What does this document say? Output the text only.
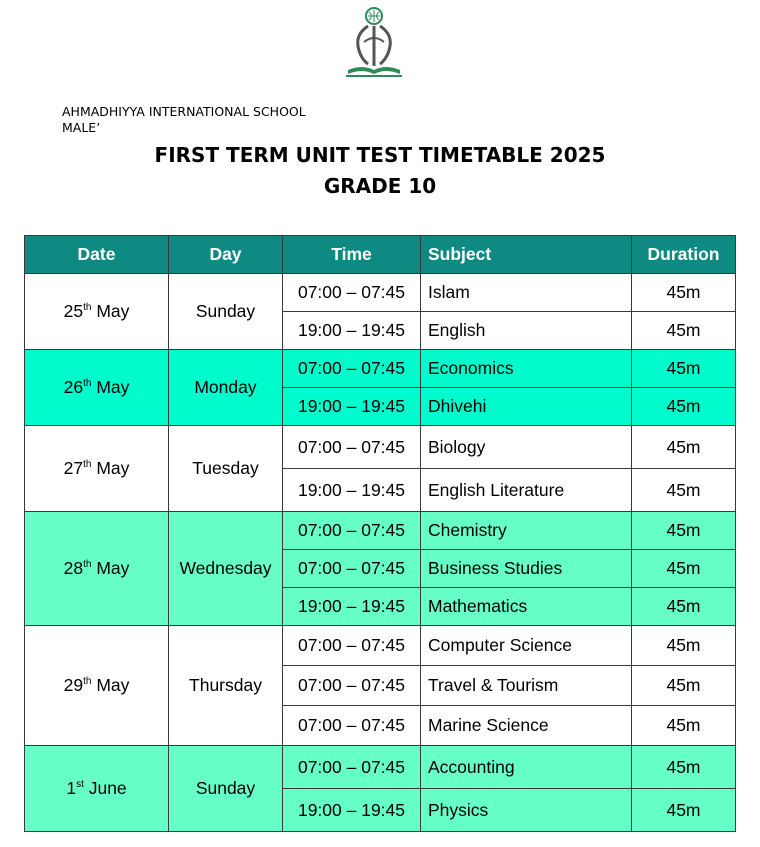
AHMADHIYYA INTERNATIONAL SCHOOL
MALE’
FIRST TERM UNIT TEST TIMETABLE 2025
GRADE 10
Date	Day	Time	Subject	Duration
25th May	Sunday	07:00 – 07:45	Islam	45m
		19:00 – 19:45	English	45m
26th May	Monday	07:00 – 07:45	Economics	45m
		19:00 – 19:45	Dhivehi	45m
27th May	Tuesday	07:00 – 07:45	Biology	45m
		19:00 – 19:45	English Literature	45m
28th May	Wednesday	07:00 – 07:45	Chemistry	45m
		07:00 – 07:45	Business Studies	45m
		19:00 – 19:45	Mathematics	45m
29th May	Thursday	07:00 – 07:45	Computer Science	45m
		07:00 – 07:45	Travel & Tourism	45m
		07:00 – 07:45	Marine Science	45m
1st June	Sunday	07:00 – 07:45	Accounting	45m
		19:00 – 19:45	Physics	45m
